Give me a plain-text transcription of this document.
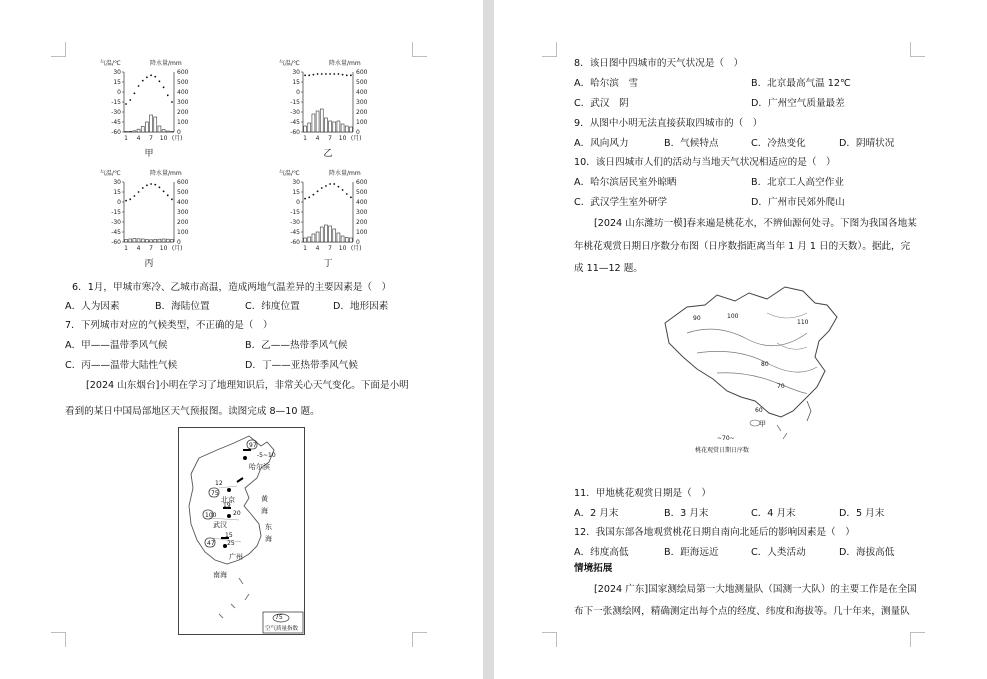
气温/℃	降水量/mm
30	600
15	500
0	400
-15	300
-30	200
-45	100
-60	0
1 4 7 10 (月)
甲
气温/℃	降水量/mm
30	600
15	500
0	400
-15	300
-30	200
-45	100
-60	0
1 4 7 10 (月)
乙
气温/℃	降水量/mm
30	600
15	500
0	400
-15	300
-30	200
-45	100
-60	0
1 4 7 10 (月)
丙
气温/℃	降水量/mm
30	600
15	500
0	400
-15	300
-30	200
-45	100
-60	0
1 4 7 10 (月)
丁
6．1月，甲城市寒冷、乙城市高温，造成两地气温差异的主要因素是（　）
A．人为因素	B．海陆位置	C．纬度位置	D．地形因素
7．下列城市对应的气候类型，不正确的是（　）
A．甲——温带季风气候	B．乙——热带季风气候
C．丙——温带大陆性气候	D．丁——亚热带季风气候
[2024 山东烟台]小明在学习了地理知识后，非常关心天气变化。下面是小明
看到的某日中国局部地区天气预报图。读图完成 8—10 题。
97
-5~10
哈尔滨
75
12
北京
100
19
20
武汉
47
15
25
广州
黄
海
东
海
南海
75
空气质量指数
8．该日图中四城市的天气状况是（　）
A．哈尔滨　雪	B．北京最高气温 12℃
C．武汉　阴	D．广州空气质量最差
9．从图中小明无法直接获取四城市的（　）
A．风向风力	B．气候特点	C．冷热变化	D．阴晴状况
10．该日四城市人们的活动与当地天气状况相适应的是（　）
A．哈尔滨居民室外晾晒	B．北京工人高空作业
C．武汉学生室外研学	D．广州市民郊外爬山
[2024 山东潍坊一模]春来遍是桃花水，不辨仙源何处寻。下图为我国各地某
年桃花观赏日期日序数分布图（日序数指距离当年 1 月 1 日的天数）。据此，完
成 11—12 题。
90	100
110
80
70
60
甲
~70~
桃花观赏日期日序数
11．甲地桃花观赏日期是（　）
A．2 月末	B．3 月末	C．4 月末	D．5 月末
12．我国东部各地观赏桃花日期自南向北延后的影响因素是（　）
A．纬度高低	B．距海远近	C．人类活动	D．海拔高低
情境拓展
[2024 广东]国家测绘局第一大地测量队（国测一大队）的主要工作是在全国
布下一张测绘网，精确测定出每个点的经度、纬度和海拔等。几十年来，测量队
